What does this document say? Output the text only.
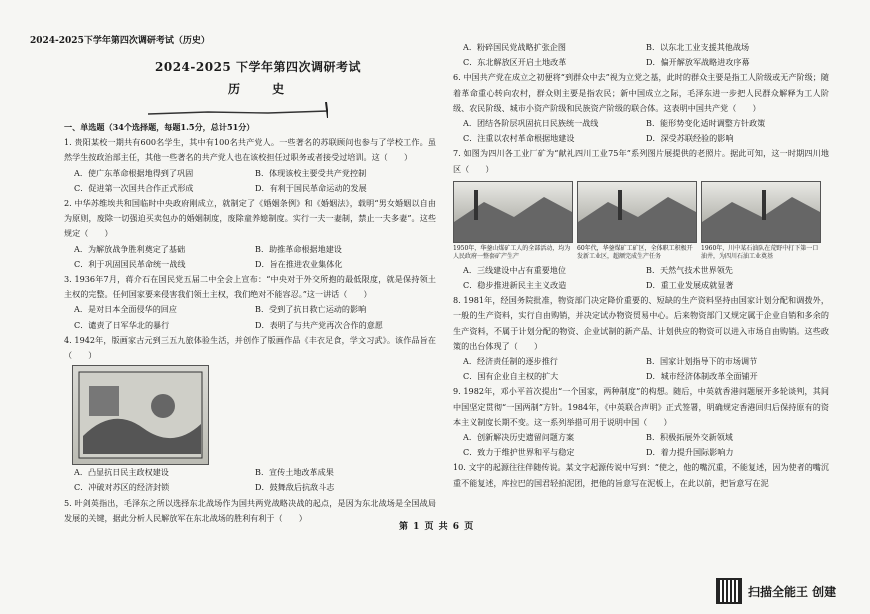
2024-2025下学年第四次调研考试（历史）
2024-2025 下学年第四次调研考试
历 史

一、单选题（34个选择题，每题1.5分，总计51分）

1. 贵阳某校一期共有600名学生，其中有100名共产党人。一些著名的苏联顾问也参与了学校工作。虽然学生按政治部主任，其他一些著名的共产党人也在该校担任过职务或者接受过培训。这（　　）

A．使广东革命根据地得到了巩固	B．体现该校主要受共产党控制
C．促进第一次国共合作正式形成	D．有利于国民革命运动的发展

2. 中华苏维埃共和国临时中央政府刚成立，就制定了《婚姻条例》和《婚姻法》，载明“男女婚姻以自由为原则，废除一切强迫买卖包办的婚姻制度，废除童养媳制度。实行一夫一妻制，禁止一夫多妻”。这些规定（　　）

A．为解放战争胜利奠定了基础	B．助推革命根据地建设
C．利于巩固国民革命统一战线	D．旨在推进农业集体化

3. 1936年7月，蒋介石在国民党五届二中全会上宣布：“中央对于外交所抱的最低限度，就是保持领土主权的完整。任何国家要来侵害我们领土主权，我们绝对不能容忍。”这一讲话（　　）

A．是对日本全面侵华的回应	B．受到了抗日救亡运动的影响
C．谴责了日军华北的暴行	D．表明了与共产党再次合作的意愿

4. 1942年，版画家古元到三五九旅体验生活，并创作了版画作品《丰衣足食，学文习武》。该作品旨在（　　）

A．凸显抗日民主政权建设	B．宣传土地改革成果
C．冲破对苏区的经济封锁	D．鼓舞敌后抗敌斗志

5. 叶剑英指出，毛泽东之所以选择东北战场作为国共两党战略决战的起点，是因为东北战场是全国战局发展的关键，据此分析人民解放军在东北战场的胜利有利于（　　）

A．粉碎国民党战略扩张企图	B．以东北工业支援其他战场
C．东北解放区开启土地改革	D．偏开解放军战略进攻序幕

6. 中国共产党在成立之初便将“到群众中去”视为立党之基，此时的群众主要是指工人阶级或无产阶级；随着革命重心转向农村，群众则主要是指农民；新中国成立之际，毛泽东进一步把人民群众解释为工人阶级、农民阶级、城市小资产阶级和民族资产阶级的联合体。这表明中国共产党（　　）

A．团结各阶层巩固抗日民族统一战线	B．能形势变化适时调整方针政策
C．注重以农村革命根据地建设	D．深受苏联经验的影响

7. 如图为四川各工业厂矿为“献礼四川工业75年”系列图片展提供的老照片。据此可知，这一时期四川地区（　　）

1950年，华蓥山煤矿工人的全部活动，均为人民政府一整套矿产生产
60年代，华蓥煤矿工矿区，全体职工积极开发新工业区，超额完成生产任务
1960年，川中某石油队在荒野中打下第一口油井，为四川石油工业奠基
A．三线建设中占有重要地位	B．天然气技术世界领先
C．稳步推进新民主主义改造	D．重工业发展成就显著

8. 1981年，经国务院批准，物资部门决定降价重要的、短缺的生产资料坚持由国家计划分配和调拨外，一般的生产资料，实行自由购销，并决定试办物资贸易中心。后来物资部门又规定属于企业自销和多余的生产资料，不属于计划分配的物资、企业试制的新产品、计划供应的物资可以进入市场自由购销。这些政策的出台体现了（　　）

A．经济责任制的逐步推行	B．国家计划指导下的市场调节
C．国有企业自主权的扩大	D．城市经济体制改革全面铺开

9. 1982年，邓小平首次提出“一个国家，两种制度”的构想。随后，中英就香港问题展开多轮谈判，其间中国坚定贯彻“一国两制”方针。1984年，《中英联合声明》正式签署，明确规定香港回归后保持原有的资本主义制度长期不变。这一系列举措可用于说明中国（　　）

A．创新解决历史遗留问题方案	B．积极拓展外交新领域
C．致力于维护世界和平与稳定	D．着力提升国际影响力

10. 文字的起源往往伴随传说。某文字起源传说中写到：“使之，他的嘴沉重，不能复述，因为使者的嘴沉重不能复述，库拉巴的国君轻拍泥团，把他的旨意写在泥板上，在此以前，把旨意写在泥

第 1 页 共 6 页
扫描全能王 创建
